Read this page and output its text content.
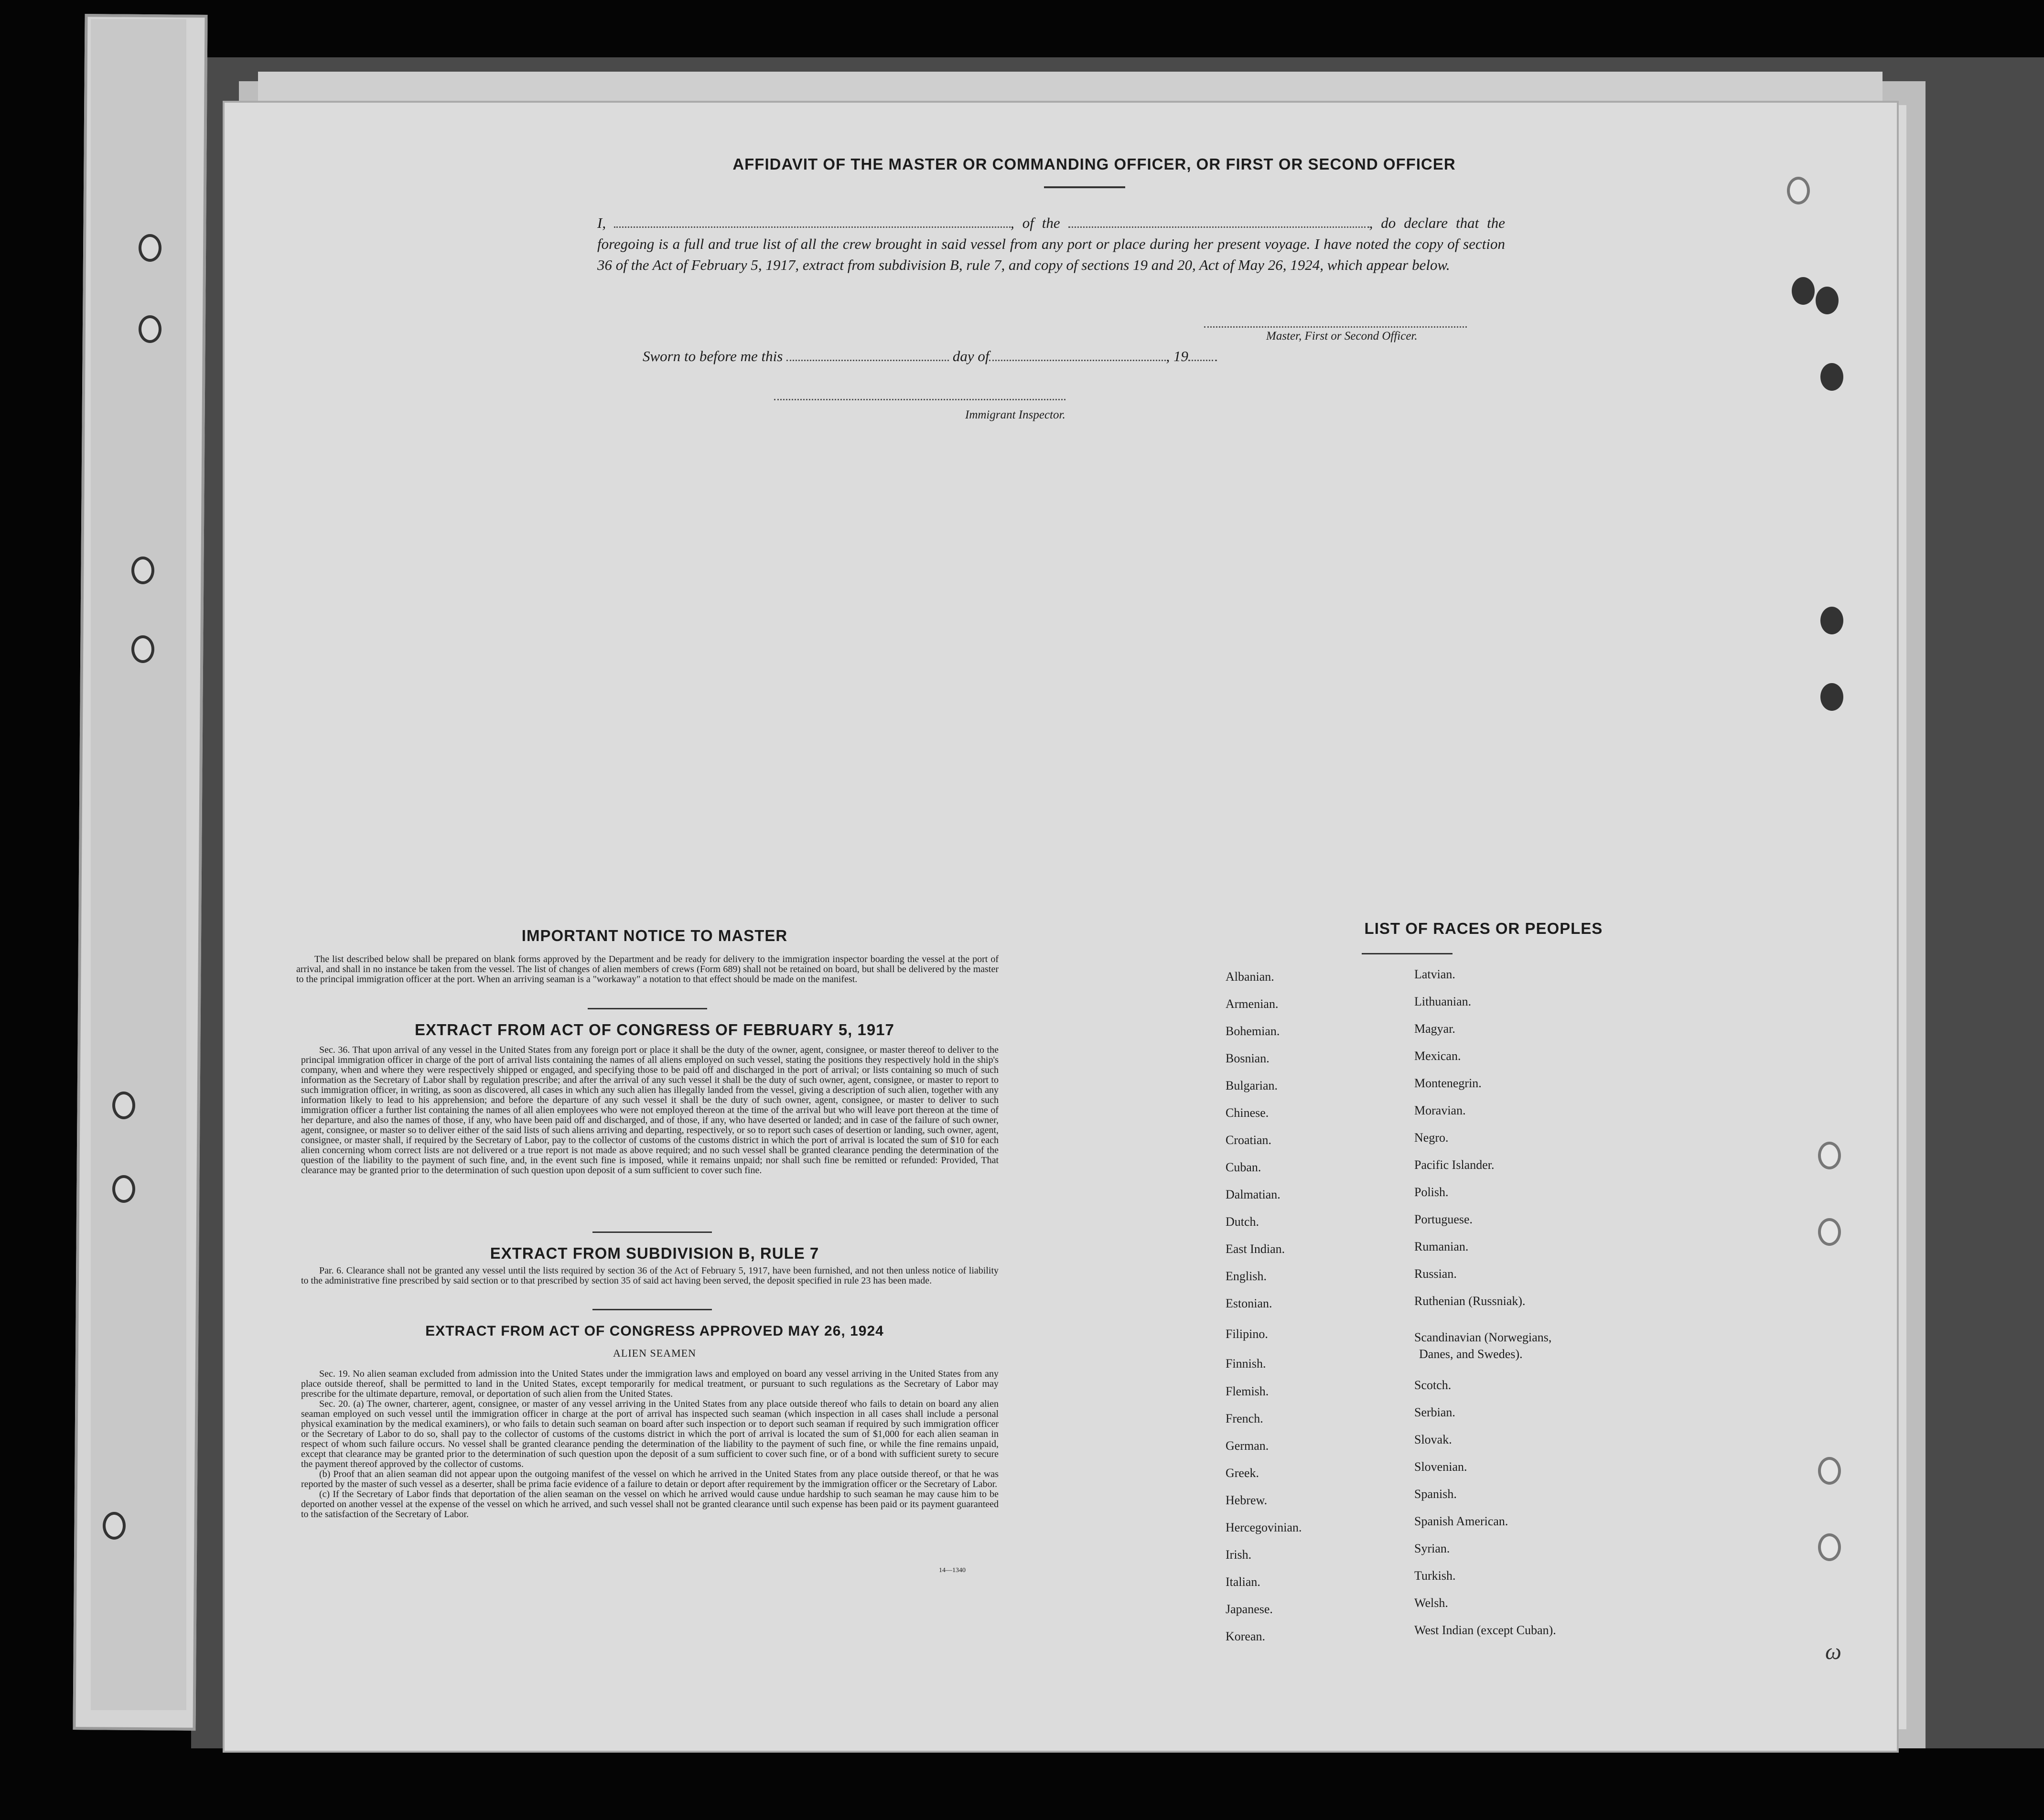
AFFIDAVIT OF THE MASTER OR COMMANDING OFFICER, OR FIRST OR SECOND OFFICER
I,	, of the	, do declare that the foregoing is a full and true list of all the crew brought in said vessel from any port or place during her present voyage. I have noted the copy of section 36 of the Act of February 5, 1917, extract from subdivision B, rule 7, and copy of sections 19 and 20, Act of May 26, 1924, which appear below.
Master, First or Second Officer.
Sworn to before me this	day of	, 19
Immigrant Inspector.
IMPORTANT NOTICE TO MASTER

The list described below shall be prepared on blank forms approved by the Department and be ready for delivery to the immigration inspector boarding the vessel at the port of arrival, and shall in no instance be taken from the vessel. The list of changes of alien members of crews (Form 689) shall not be retained on board, but shall be delivered by the master to the principal immigration officer at the port. When an arriving seaman is a "workaway" a notation to that effect should be made on the manifest.

EXTRACT FROM ACT OF CONGRESS OF FEBRUARY 5, 1917

Sec. 36. That upon arrival of any vessel in the United States from any foreign port or place it shall be the duty of the owner, agent, consignee, or master thereof to deliver to the principal immigration officer in charge of the port of arrival lists containing the names of all aliens employed on such vessel, stating the positions they respectively hold in the ship's company, when and where they were respectively shipped or engaged, and specifying those to be paid off and discharged in the port of arrival; or lists containing so much of such information as the Secretary of Labor shall by regulation prescribe; and after the arrival of any such vessel it shall be the duty of such owner, agent, consignee, or master to report to such immigration officer, in writing, as soon as discovered, all cases in which any such alien has illegally landed from the vessel, giving a description of such alien, together with any information likely to lead to his apprehension; and before the departure of any such vessel it shall be the duty of such owner, agent, consignee, or master to deliver to such immigration officer a further list containing the names of all alien employees who were not employed thereon at the time of the arrival but who will leave port thereon at the time of her departure, and also the names of those, if any, who have been paid off and discharged, and of those, if any, who have deserted or landed; and in case of the failure of such owner, agent, consignee, or master so to deliver either of the said lists of such aliens arriving and departing, respectively, or so to report such cases of desertion or landing, such owner, agent, consignee, or master shall, if required by the Secretary of Labor, pay to the collector of customs of the customs district in which the port of arrival is located the sum of $10 for each alien concerning whom correct lists are not delivered or a true report is not made as above required; and no such vessel shall be granted clearance pending the determination of the question of the liability to the payment of such fine, and, in the event such fine is imposed, while it remains unpaid; nor shall such fine be remitted or refunded: Provided, That clearance may be granted prior to the determination of such question upon deposit of a sum sufficient to cover such fine.

EXTRACT FROM SUBDIVISION B, RULE 7

Par. 6. Clearance shall not be granted any vessel until the lists required by section 36 of the Act of February 5, 1917, have been furnished, and not then unless notice of liability to the administrative fine prescribed by said section or to that prescribed by section 35 of said act having been served, the deposit specified in rule 23 has been made.

EXTRACT FROM ACT OF CONGRESS APPROVED MAY 26, 1924
ALIEN SEAMEN

Sec. 19. No alien seaman excluded from admission into the United States under the immigration laws and employed on board any vessel arriving in the United States from any place outside thereof, shall be permitted to land in the United States, except temporarily for medical treatment, or pursuant to such regulations as the Secretary of Labor may prescribe for the ultimate departure, removal, or deportation of such alien from the United States.

Sec. 20. (a) The owner, charterer, agent, consignee, or master of any vessel arriving in the United States from any place outside thereof who fails to detain on board any alien seaman employed on such vessel until the immigration officer in charge at the port of arrival has inspected such seaman (which inspection in all cases shall include a personal physical examination by the medical examiners), or who fails to detain such seaman on board after such inspection or to deport such seaman if required by such immigration officer or the Secretary of Labor to do so, shall pay to the collector of customs of the customs district in which the port of arrival is located the sum of $1,000 for each alien seaman in respect of whom such failure occurs. No vessel shall be granted clearance pending the determination of the liability to the payment of such fine, or while the fine remains unpaid, except that clearance may be granted prior to the determination of such question upon the deposit of a sum sufficient to cover such fine, or of a bond with sufficient surety to secure the payment thereof approved by the collector of customs.

(b) Proof that an alien seaman did not appear upon the outgoing manifest of the vessel on which he arrived in the United States from any place outside thereof, or that he was reported by the master of such vessel as a deserter, shall be prima facie evidence of a failure to detain or deport after requirement by the immigration officer or the Secretary of Labor.

(c) If the Secretary of Labor finds that deportation of the alien seaman on the vessel on which he arrived would cause undue hardship to such seaman he may cause him to be deported on another vessel at the expense of the vessel on which he arrived, and such vessel shall not be granted clearance until such expense has been paid or its payment guaranteed to the satisfaction of the Secretary of Labor.

14—1340
LIST OF RACES OR PEOPLES
Albanian.
Armenian.
Bohemian.
Bosnian.
Bulgarian.
Chinese.
Croatian.
Cuban.
Dalmatian.
Dutch.
East Indian.
English.
Estonian.
Filipino.
Finnish.
Flemish.
French.
German.
Greek.
Hebrew.
Hercegovinian.
Irish.
Italian.
Japanese.
Korean.
Latvian.
Lithuanian.
Magyar.
Mexican.
Montenegrin.
Moravian.
Negro.
Pacific Islander.
Polish.
Portuguese.
Rumanian.
Russian.
Ruthenian (Russniak).
Scandinavian (Norwegians,
Danes, and Swedes).
Scotch.
Serbian.
Slovak.
Slovenian.
Spanish.
Spanish American.
Syrian.
Turkish.
Welsh.
West Indian (except Cuban).
ω
